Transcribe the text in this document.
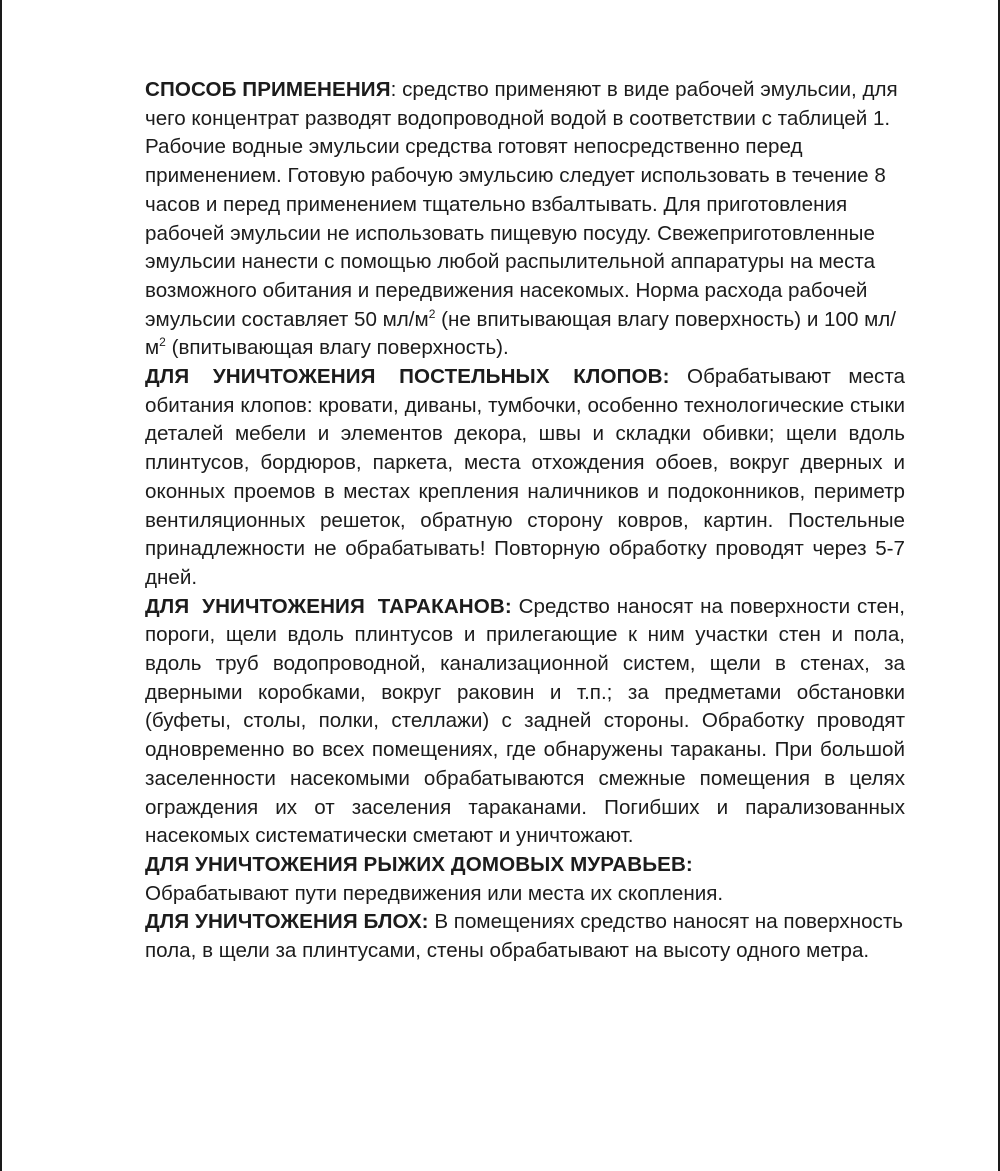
СПОСОБ ПРИМЕНЕНИЯ: средство применяют в виде рабочей эмульсии, для чего концентрат разводят водопроводной водой в соответствии с таблицей 1. Рабочие водные эмульсии средства готовят непосредственно перед применением. Готовую рабочую эмульсию следует использовать в течение 8 часов и перед применением тщательно взбалтывать. Для приготовления рабочей эмульсии не использовать пищевую посуду. Свежеприготовленные эмульсии нанести с помощью любой распылительной аппаратуры на места возможного обитания и передвижения насекомых. Норма расхода рабочей эмульсии составляет 50 $мл/м^2$ (не впитывающая влагу поверхность) и 100 $мл/м^2$ (впитывающая влагу поверхность).

ДЛЯ УНИЧТОЖЕНИЯ ПОСТЕЛЬНЫХ КЛОПОВ: Обрабатывают места обитания клопов: кровати, диваны, тумбочки, особенно технологические стыки деталей мебели и элементов декора, швы и складки обивки; щели вдоль плинтусов, бордюров, паркета, места отхождения обоев, вокруг дверных и оконных проемов в местах крепления наличников и подоконников, периметр вентиляционных решеток, обратную сторону ковров, картин. Постельные принадлежности не обрабатывать! Повторную обработку проводят через 5-7 дней.

ДЛЯ УНИЧТОЖЕНИЯ ТАРАКАНОВ: Средство наносят на поверхности стен, пороги, щели вдоль плинтусов и прилегающие к ним участки стен и пола, вдоль труб водопроводной, канализационной систем, щели в стенах, за дверными коробками, вокруг раковин и т.п.; за предметами обстановки (буфеты, столы, полки, стеллажи) с задней стороны. Обработку проводят одновременно во всех помещениях, где обнаружены тараканы. При большой заселенности насекомыми обрабатываются смежные помещения в целях ограждения их от заселения тараканами. Погибших и парализованных насекомых систематически сметают и уничтожают.

ДЛЯ УНИЧТОЖЕНИЯ РЫЖИХ ДОМОВЫХ МУРАВЬЕВ:

Обрабатывают пути передвижения или места их скопления.

ДЛЯ УНИЧТОЖЕНИЯ БЛОХ: В помещениях средство наносят на поверхность пола, в щели за плинтусами, стены обрабатывают на высоту одного метра.
